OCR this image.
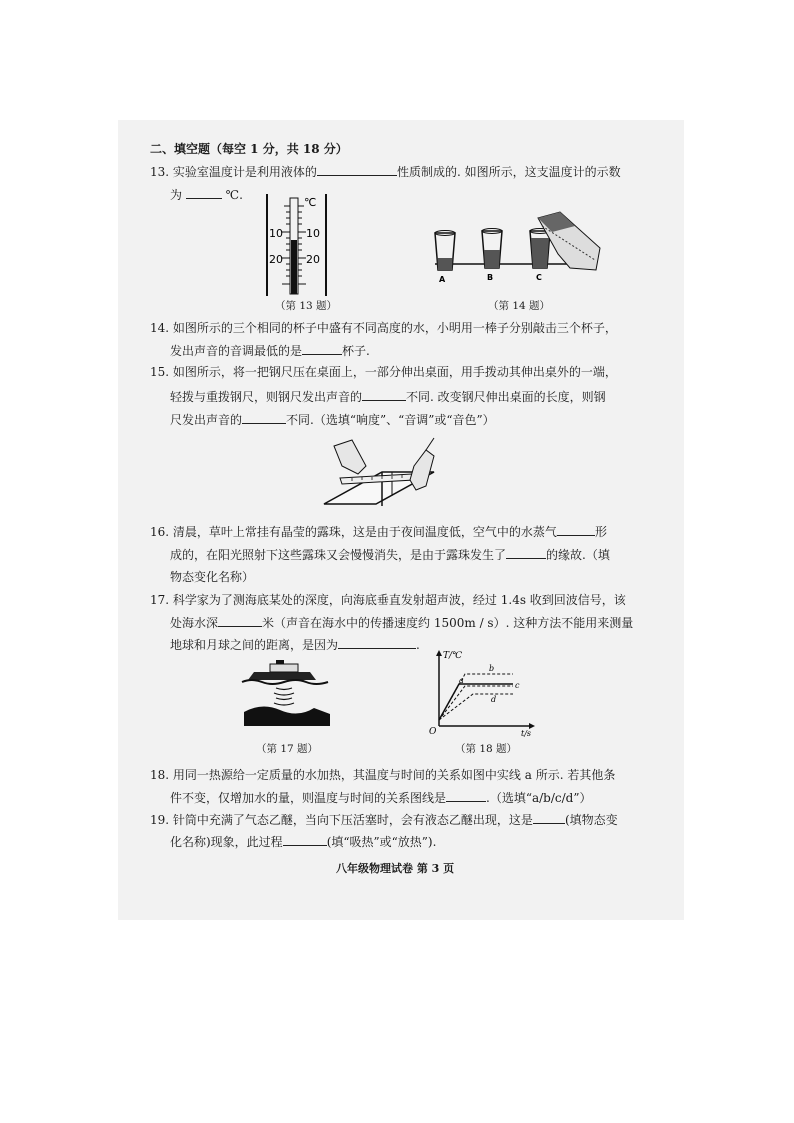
二、填空题（每空 1 分，共 18 分）
13. 实验室温度计是利用液体的	性质制成的. 如图所示，这支温度计的示数
为	℃.
℃
10 10
20 20
（第 13 题）
A	B	C
（第 14 题）
14. 如图所示的三个相同的杯子中盛有不同高度的水，小明用一棒子分别敲击三个杯子，
发出声音的音调最低的是	杯子.
15. 如图所示，将一把钢尺压在桌面上，一部分伸出桌面，用手拨动其伸出桌外的一端，
轻拨与重拨钢尺，则钢尺发出声音的	不同. 改变钢尺伸出桌面的长度，则钢
尺发出声音的	不同.（选填“响度”、“音调”或“音色”）
16. 清晨，草叶上常挂有晶莹的露珠，这是由于夜间温度低，空气中的水蒸气	形
成的，在阳光照射下这些露珠又会慢慢消失，是由于露珠发生了	的缘故.（填
物态变化名称）
17. 科学家为了测海底某处的深度，向海底垂直发射超声波，经过 1.4s 收到回波信号，该
处海水深	米（声音在海水中的传播速度约 1500m / s）. 这种方法不能用来测量
地球和月球之间的距离，是因为	.
（第 17 题）
T/℃
t/s
O
a
b
c
d
（第 18 题）
18. 用同一热源给一定质量的水加热，其温度与时间的关系如图中实线 a 所示. 若其他条
件不变，仅增加水的量，则温度与时间的关系图线是	.（选填“a/b/c/d”）
19. 针筒中充满了气态乙醚，当向下压活塞时，会有液态乙醚出现，这是	(填物态变
化名称)现象，此过程	(填“吸热”或“放热”).
八年级物理试卷 第 3 页
